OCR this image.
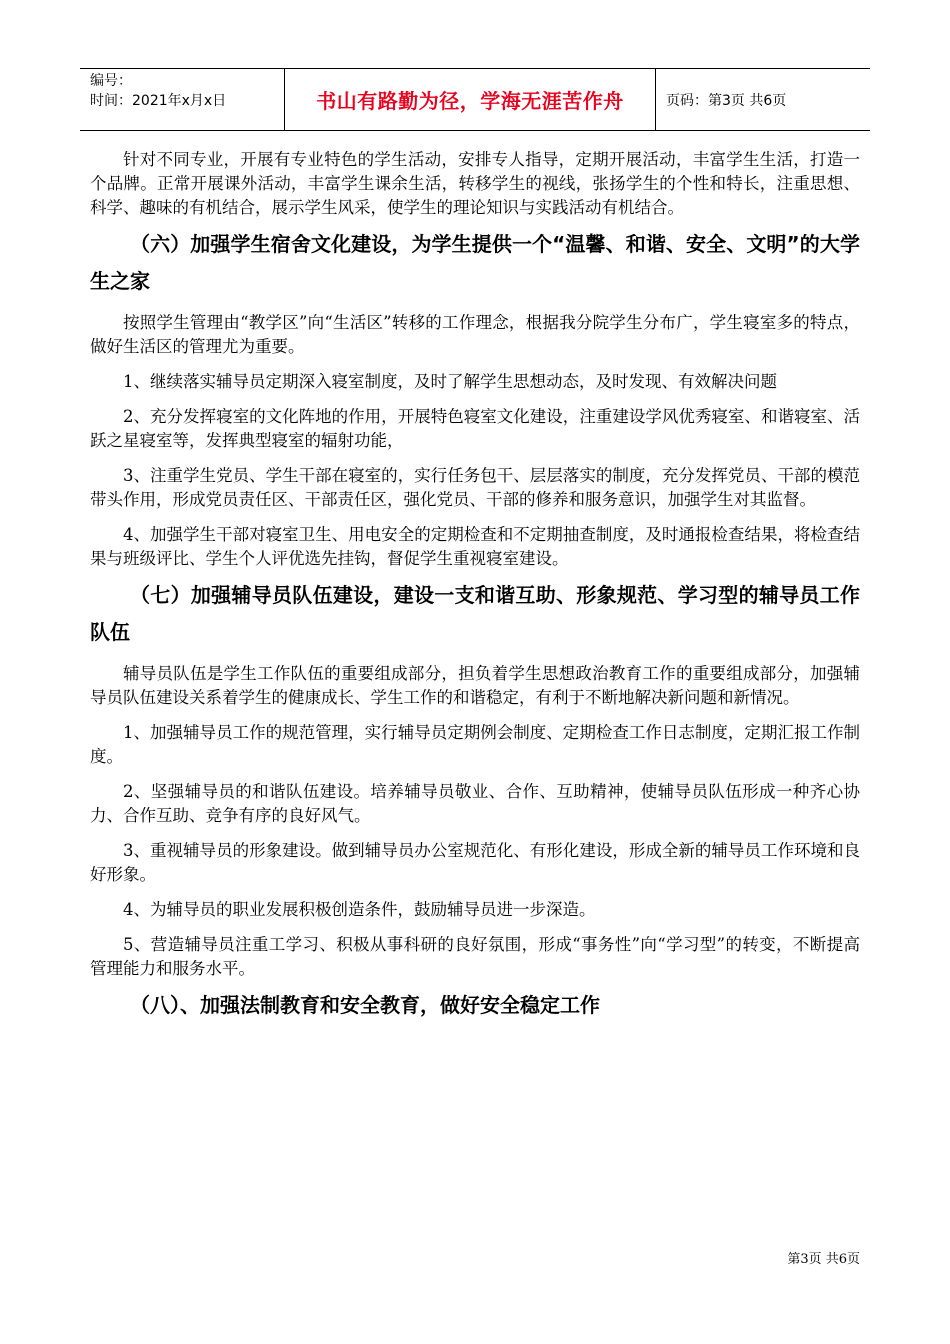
编号：
时间：2021年x月x日	书山有路勤为径，学海无涯苦作舟	页码：第3页 共6页

针对不同专业，开展有专业特色的学生活动，安排专人指导，定期开展活动，丰富学生生活，打造一个品牌。正常开展课外活动，丰富学生课余生活，转移学生的视线，张扬学生的个性和特长，注重思想、科学、趣味的有机结合，展示学生风采，使学生的理论知识与实践活动有机结合。

（六）加强学生宿舍文化建设，为学生提供一个“温馨、和谐、安全、文明”的大学生之家

按照学生管理由“教学区”向“生活区”转移的工作理念，根据我分院学生分布广，学生寝室多的特点，做好生活区的管理尤为重要。

1、继续落实辅导员定期深入寝室制度，及时了解学生思想动态，及时发现、有效解决问题

2、充分发挥寝室的文化阵地的作用，开展特色寝室文化建设，注重建设学风优秀寝室、和谐寝室、活跃之星寝室等，发挥典型寝室的辐射功能，

3、注重学生党员、学生干部在寝室的，实行任务包干、层层落实的制度，充分发挥党员、干部的模范带头作用，形成党员责任区、干部责任区，强化党员、干部的修养和服务意识，加强学生对其监督。

4、加强学生干部对寝室卫生、用电安全的定期检查和不定期抽查制度，及时通报检查结果，将检查结果与班级评比、学生个人评优选先挂钩，督促学生重视寝室建设。

（七）加强辅导员队伍建设，建设一支和谐互助、形象规范、学习型的辅导员工作队伍

辅导员队伍是学生工作队伍的重要组成部分，担负着学生思想政治教育工作的重要组成部分，加强辅导员队伍建设关系着学生的健康成长、学生工作的和谐稳定，有利于不断地解决新问题和新情况。

1、加强辅导员工作的规范管理，实行辅导员定期例会制度、定期检查工作日志制度，定期汇报工作制度。

2、坚强辅导员的和谐队伍建设。培养辅导员敬业、合作、互助精神，使辅导员队伍形成一种齐心协力、合作互助、竞争有序的良好风气。

3、重视辅导员的形象建设。做到辅导员办公室规范化、有形化建设，形成全新的辅导员工作环境和良好形象。

4、为辅导员的职业发展积极创造条件，鼓励辅导员进一步深造。

5、营造辅导员注重工学习、积极从事科研的良好氛围，形成“事务性”向“学习型”的转变，不断提高管理能力和服务水平。

（八）、加强法制教育和安全教育，做好安全稳定工作
第3页 共6页
